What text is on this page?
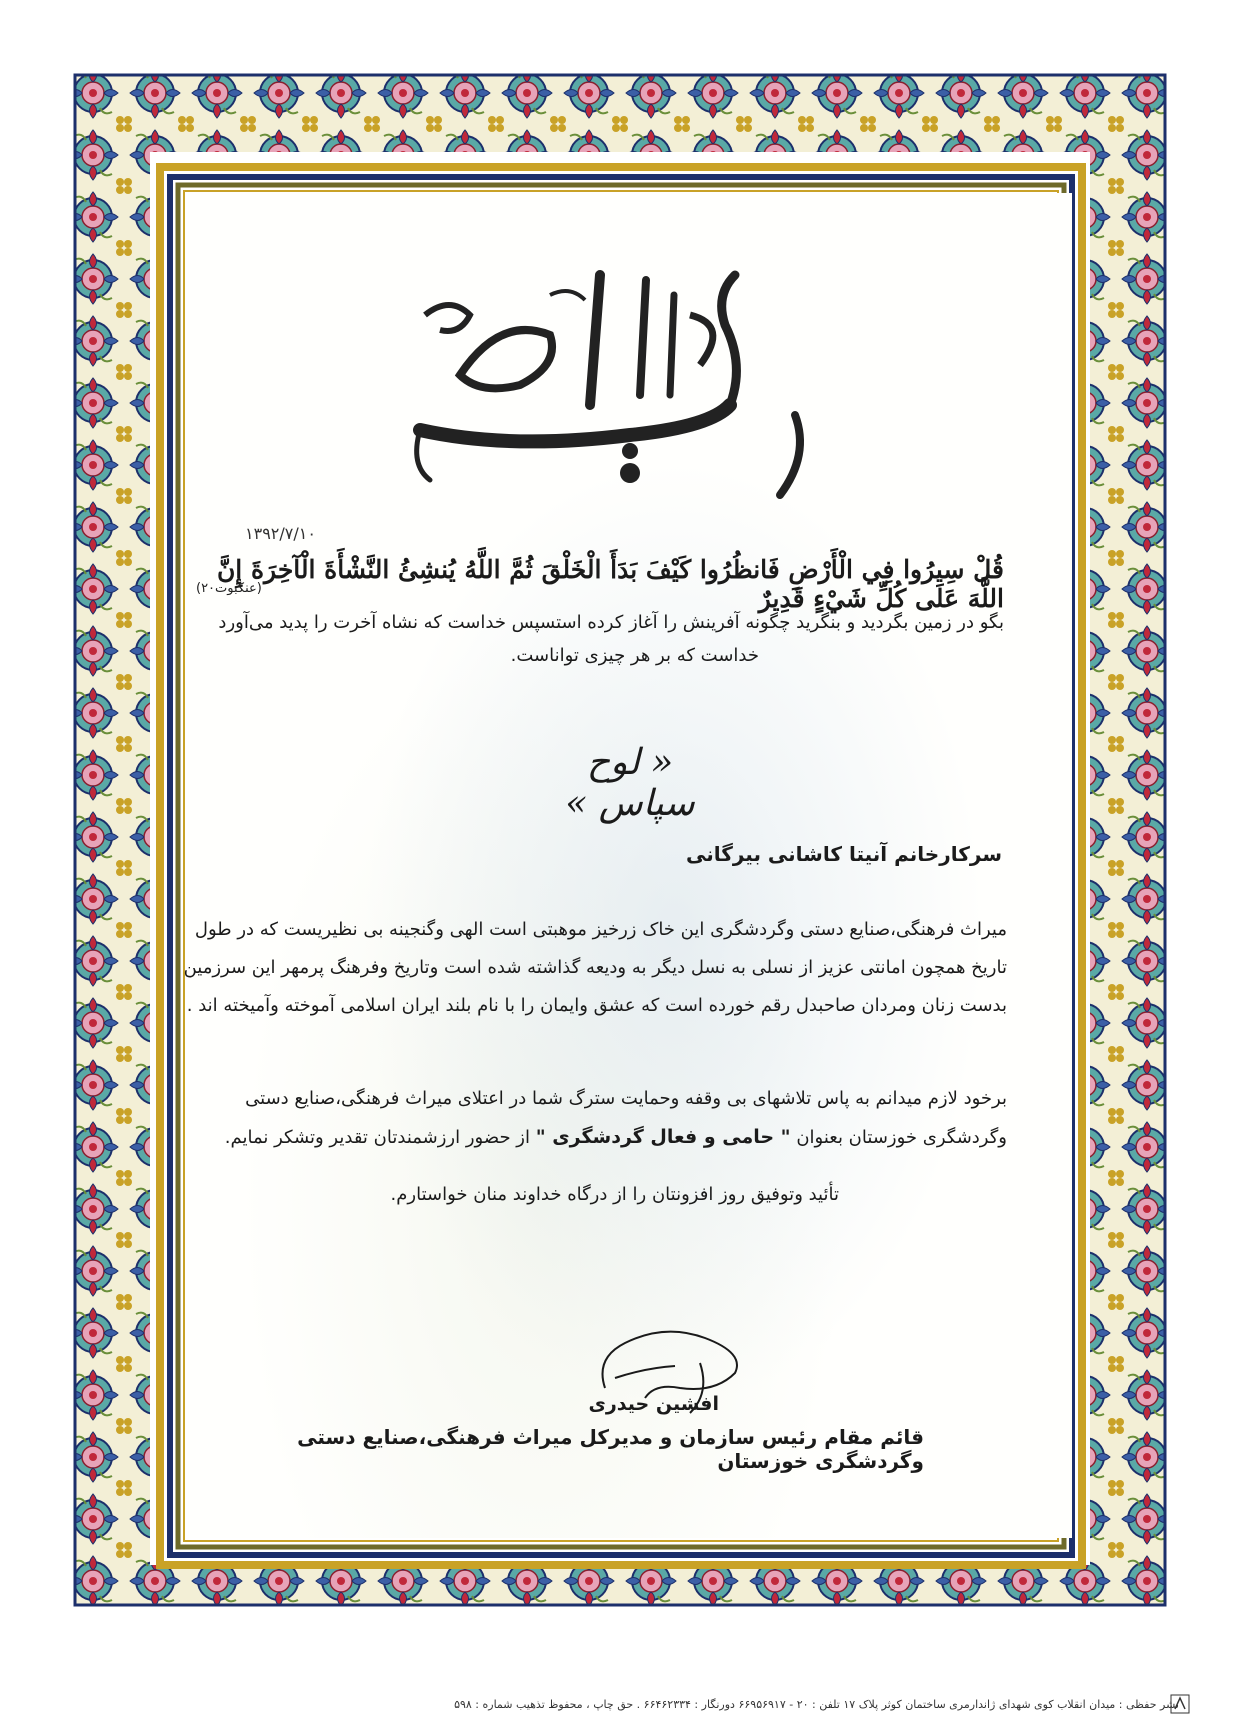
۱۳۹۲/۷/۱۰
قُلْ سِيرُوا فِي الْأَرْضِ فَانظُرُوا كَيْفَ بَدَأَ الْخَلْقَ ثُمَّ اللَّهُ يُنشِئُ النَّشْأَةَ الْآخِرَةَ إِنَّ اللَّهَ عَلَى كُلِّ شَيْءٍ قَدِيرٌ
(عنکبوت۲۰)
بگو در زمین بگردید و بنگرید چگونه آفرینش را آغاز کرده استسپس خداست که نشاه آخرت را پدید می‌آورد
خداست که بر هر چیزی تواناست.
« لوح سپاس »
سرکارخانم آنیتا کاشانی بیرگانی
میراث فرهنگی،صنایع دستی وگردشگری این خاک زرخیز موهبتی است الهی وگنجینه بی نظیریست که در طول تاریخ همچون امانتی عزیز از نسلی به نسل دیگر به ودیعه گذاشته شده است وتاریخ وفرهنگ پرمهر این سرزمین بدست زنان ومردان صاحبدل رقم خورده است که عشق وایمان را با نام بلند ایران اسلامی آموخته وآمیخته اند .
برخود لازم میدانم به پاس تلاشهای بی وقفه وحمایت سترگ شما در اعتلای میراث فرهنگی،صنایع دستی وگردشگری خوزستان بعنوان " حامی و فعال گردشگری " از حضور ارزشمندتان تقدیر وتشکر نمایم.
تأئید وتوفیق روز افزونتان را از درگاه خداوند منان خواستارم.
افشین حیدری
قائم مقام رئیس سازمان و مدیرکل میراث فرهنگی،صنایع دستی وگردشگری خوزستان
نشر حفظی : میدان انقلاب کوی شهدای ژاندارمری ساختمان کوثر پلاک ۱۷ تلفن : ۲۰ - ۶۶۹۵۶۹۱۷ دورنگار : ۶۶۴۶۲۳۳۴ . حق چاپ ، محفوظ تذهیب شماره : ۵۹۸
